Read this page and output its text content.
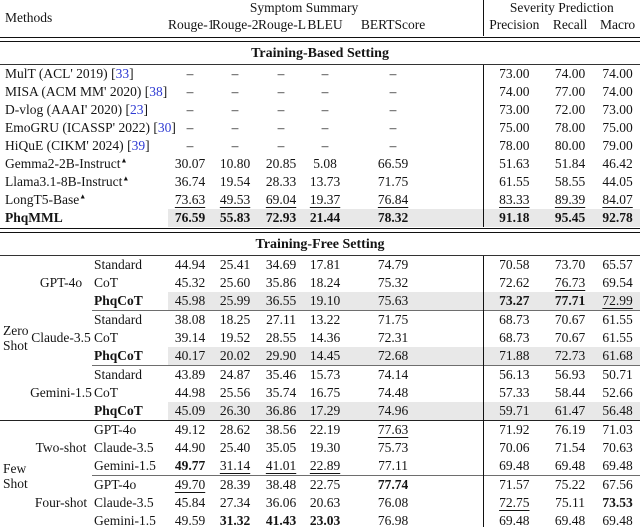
Methods			Symptom Summary						Severity Prediction		
			Rouge-1	Rouge-2	Rouge-L	BLEU	BERTScore		Precision	Recall	Macro

Training-Based Setting											
MulT (ACL' 2019) [ 33 ]			–	–	–	–	–		73.00	74.00	74.00
MISA (ACM MM' 2020) [ 38 ]			–	–	–	–	–		74.00	77.00	74.00
D-vlog (AAAI' 2020) [ 23 ]			–	–	–	–	–		73.00	72.00	73.00
EmoGRU (ICASSP' 2022) [ 30 ]			–	–	–	–	–		75.00	78.00	75.00
HiQuE (CIKM' 2024) [ 39 ]			–	–	–	–	–		78.00	80.00	79.00
Gemma2-2B-Instruct▲			30.07	10.80	20.85	5.08	66.59		51.63	51.84	46.42
Llama3.1-8B-Instruct▲			36.74	19.54	28.33	13.73	71.75		61.55	58.55	44.05
LongT5-Base▲			73.63	49.53	69.04	19.37	76.84		83.33	89.39	84.07
PhqMML			76.59	55.83	72.93	21.44	78.32		91.18	95.45	92.78

Training-Free Setting											

Zero
Shot	GPT-4o	Standard	44.94	25.41	34.69	17.81	74.79		70.58	73.70	65.57
		CoT	45.32	25.60	35.86	18.24	75.32		72.62	76.73	69.54
		PhqCoT	45.98	25.99	36.55	19.10	75.63		73.27	77.71	72.99
	Claude-3.5	Standard	38.08	18.25	27.11	13.22	71.75		68.73	70.67	61.55
		CoT	39.14	19.52	28.55	14.36	72.31		68.73	70.67	61.55
		PhqCoT	40.17	20.02	29.90	14.45	72.68		71.88	72.73	61.68
	Gemini-1.5	Standard	43.89	24.87	35.46	15.73	74.14		56.13	56.93	50.71
		CoT	44.98	25.56	35.74	16.75	74.48		57.33	58.44	52.66
		PhqCoT	45.09	26.30	36.86	17.29	74.96		59.71	61.47	56.48

Few
Shot	Two-shot	GPT-4o	49.12	28.62	38.56	22.19	77.63		71.92	76.19	71.03
		Claude-3.5	44.90	25.40	35.05	19.30	75.73		70.06	71.54	70.63
		Gemini-1.5	49.77	31.14	41.01	22.89	77.11		69.48	69.48	69.48
	Four-shot	GPT-4o	49.70	28.39	38.48	22.75	77.74		71.57	75.22	67.56
		Claude-3.5	45.84	27.34	36.06	20.63	76.08		72.75	75.11	73.53
		Gemini-1.5	49.59	31.32	41.43	23.03	76.98		69.48	69.48	69.48
